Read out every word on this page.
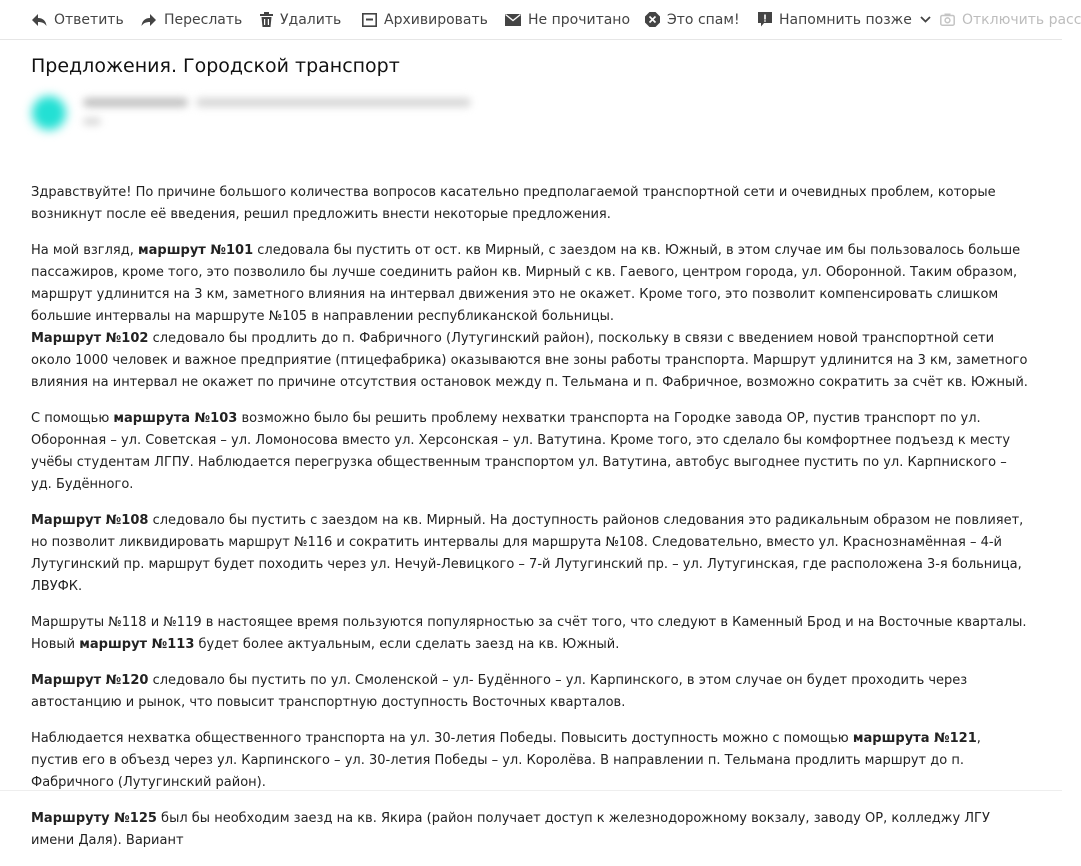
Ответить	Переслать	Удалить	Архивировать	Не прочитано	Это спам!	Напомнить позже	Отключить расс
Предложения. Городской транспорт

Здравствуйте! По причине большого количества вопросов касательно предполагаемой транспортной сети и очевидных проблем, которые возникнут после её введения, решил предложить внести некоторые предложения.

На мой взгляд, маршрут №101 следовала бы пустить от ост. кв Мирный, с заездом на кв. Южный, в этом случае им бы пользовалось больше пассажиров, кроме того, это позволило бы лучше соединить район кв. Мирный с кв. Гаевого, центром города, ул. Оборонной. Таким образом, маршрут удлинится на 3 км, заметного влияния на интервал движения это не окажет. Кроме того, это позволит компенсировать слишком большие интервалы на маршруте №105 в направлении республиканской больницы.

Маршрут №102 следовало бы продлить до п. Фабричного (Лутугинский район), поскольку в связи с введением новой транспортной сети около 1000 человек и важное предприятие (птицефабрика) оказываются вне зоны работы транспорта. Маршрут удлинится на 3 км, заметного влияния на интервал не окажет по причине отсутствия остановок между п. Тельмана и п. Фабричное, возможно сократить за счёт кв. Южный.

С помощью маршрута №103 возможно было бы решить проблему нехватки транспорта на Городке завода ОР, пустив транспорт по ул. Оборонная – ул. Советская – ул. Ломоносова вместо ул. Херсонская – ул. Ватутина. Кроме того, это сделало бы комфортнее подъезд к месту учёбы студентам ЛГПУ. Наблюдается перегрузка общественным транспортом ул. Ватутина, автобус выгоднее пустить по ул. Карпниского – уд. Будённого.

Маршрут №108 следовало бы пустить с заездом на кв. Мирный. На доступность районов следования это радикальным образом не повлияет, но позволит ликвидировать маршрут №116 и сократить интервалы для маршрута №108. Следовательно, вместо ул. Краснознамённая – 4-й Лутугинский пр. маршрут будет походить через ул. Нечуй-Левицкого – 7-й Лутугинский пр. – ул. Лутугинская, где расположена 3-я больница, ЛВУФК.

Маршруты №118 и №119 в настоящее время пользуются популярностью за счёт того, что следуют в Каменный Брод и на Восточные кварталы. Новый маршрут №113 будет более актуальным, если сделать заезд на кв. Южный.

Маршрут №120 следовало бы пустить по ул. Смоленской – ул- Будённого – ул. Карпинского, в этом случае он будет проходить через автостанцию и рынок, что повысит транспортную доступность Восточных кварталов.

Наблюдается нехватка общественного транспорта на ул. 30-летия Победы. Повысить доступность можно с помощью маршрута №121, пустив его в объезд через ул. Карпинского – ул. 30-летия Победы – ул. Королёва. В направлении п. Тельмана продлить маршрут до п. Фабричного (Лутугинский район).

Маршруту №125 был бы необходим заезд на кв. Якира (район получает доступ к железнодорожному вокзалу, заводу ОР, колледжу ЛГУ имени Даля). Вариант
